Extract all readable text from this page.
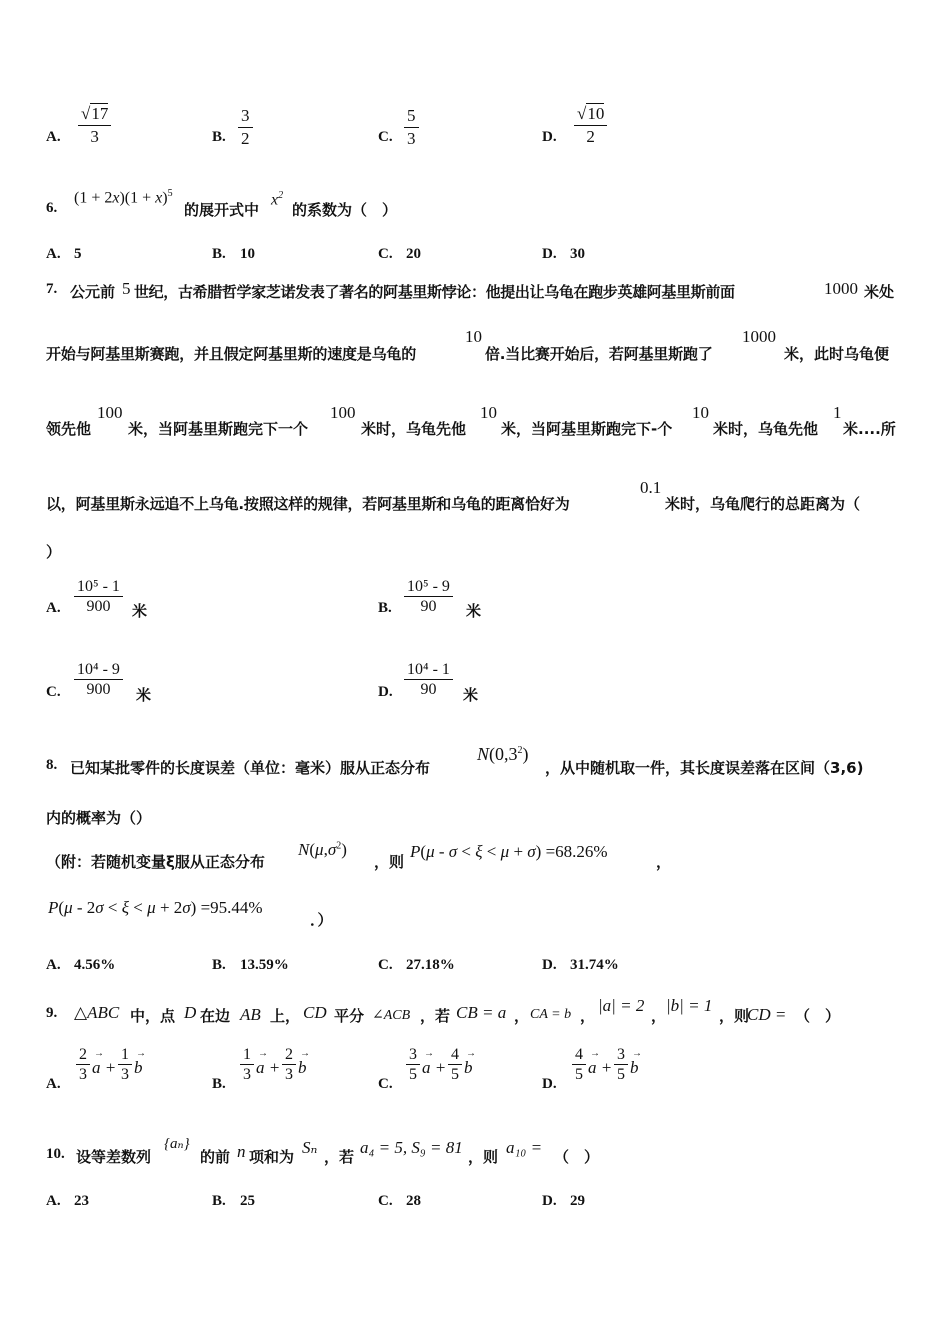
A. $\frac{√17}{3}$	B. $\frac{3}{2}$	C. $\frac{5}{3}$	D. $\frac{√10}{2}$
6.
$(1 + 2x)(1 + x)^5$
的展开式中
$x^2$
的系数为（　）
A. 5	B. 10	C. 20	D. 30
7. 公元前 5 世纪，古希腊哲学家芝诺发表了著名的阿基里斯悖论：他提出让乌龟在跑步英雄阿基里斯前面	1000 米处
开始与阿基里斯赛跑，并且假定阿基里斯的速度是乌龟的
10
倍.当比赛开始后，若阿基里斯跑了
1000
米，此时乌龟便
领先他
100
米，当阿基里斯跑完下一个
100
米时，乌龟先他
10
米，当阿基里斯跑完下-个
10
米时，乌龟先他
1
米....所
以，阿基里斯永远追不上乌龟.按照这样的规律，若阿基里斯和乌龟的距离恰好为
0.1
米时，乌龟爬行的总距离为（
）
A. $\frac{\text{10⁵ - 1}}{900}$ 米	B. $\frac{\text{10⁵ - 9}}{90}$ 米
C. $\frac{\text{10⁴ - 9}}{900}$ 米	D. $\frac{\text{10⁴ - 1}}{90}$ 米
8. 已知某批零件的长度误差（单位：毫米）服从正态分布
$N(0,3^2)$
，从中随机取一件，其长度误差落在区间（3,6)
内的概率为（）
（附：若随机变量ξ服从正态分布
$N(\mu,\sigma^2)$
，则
P(μ - σ < ξ < μ + σ) =68.26%
，
P(μ - 2σ < ξ < μ + 2σ) =95.44%
．）
A. 4.56%	B. 13.59%	C. 27.18%	D. 31.74%
9. △ABC 中，点 D 在边 AB 上， CD 平分 ∠ACB ，若 CB = a ， CA = b ，
|a| = 2
，
|b| = 1
，则
CD = （　）
A.
$\frac{2}{3}$
→ $a + \frac{1}{3}$
→ b
B.
$\frac{1}{3}$
→ $a + \frac{2}{3}$
→ b
C.
$\frac{3}{5}$
→ $a + \frac{4}{5}$
→ b
D.
$\frac{4}{5}$
→ $a + \frac{3}{5}$
→ b
10. 设等差数列
{aₙ}
的前 n 项和为 Sₙ ，若 a₄ = 5, S₉ = 81 ，则 a₁₀ = （　）
A. 23	B. 25	C. 28	D. 29
